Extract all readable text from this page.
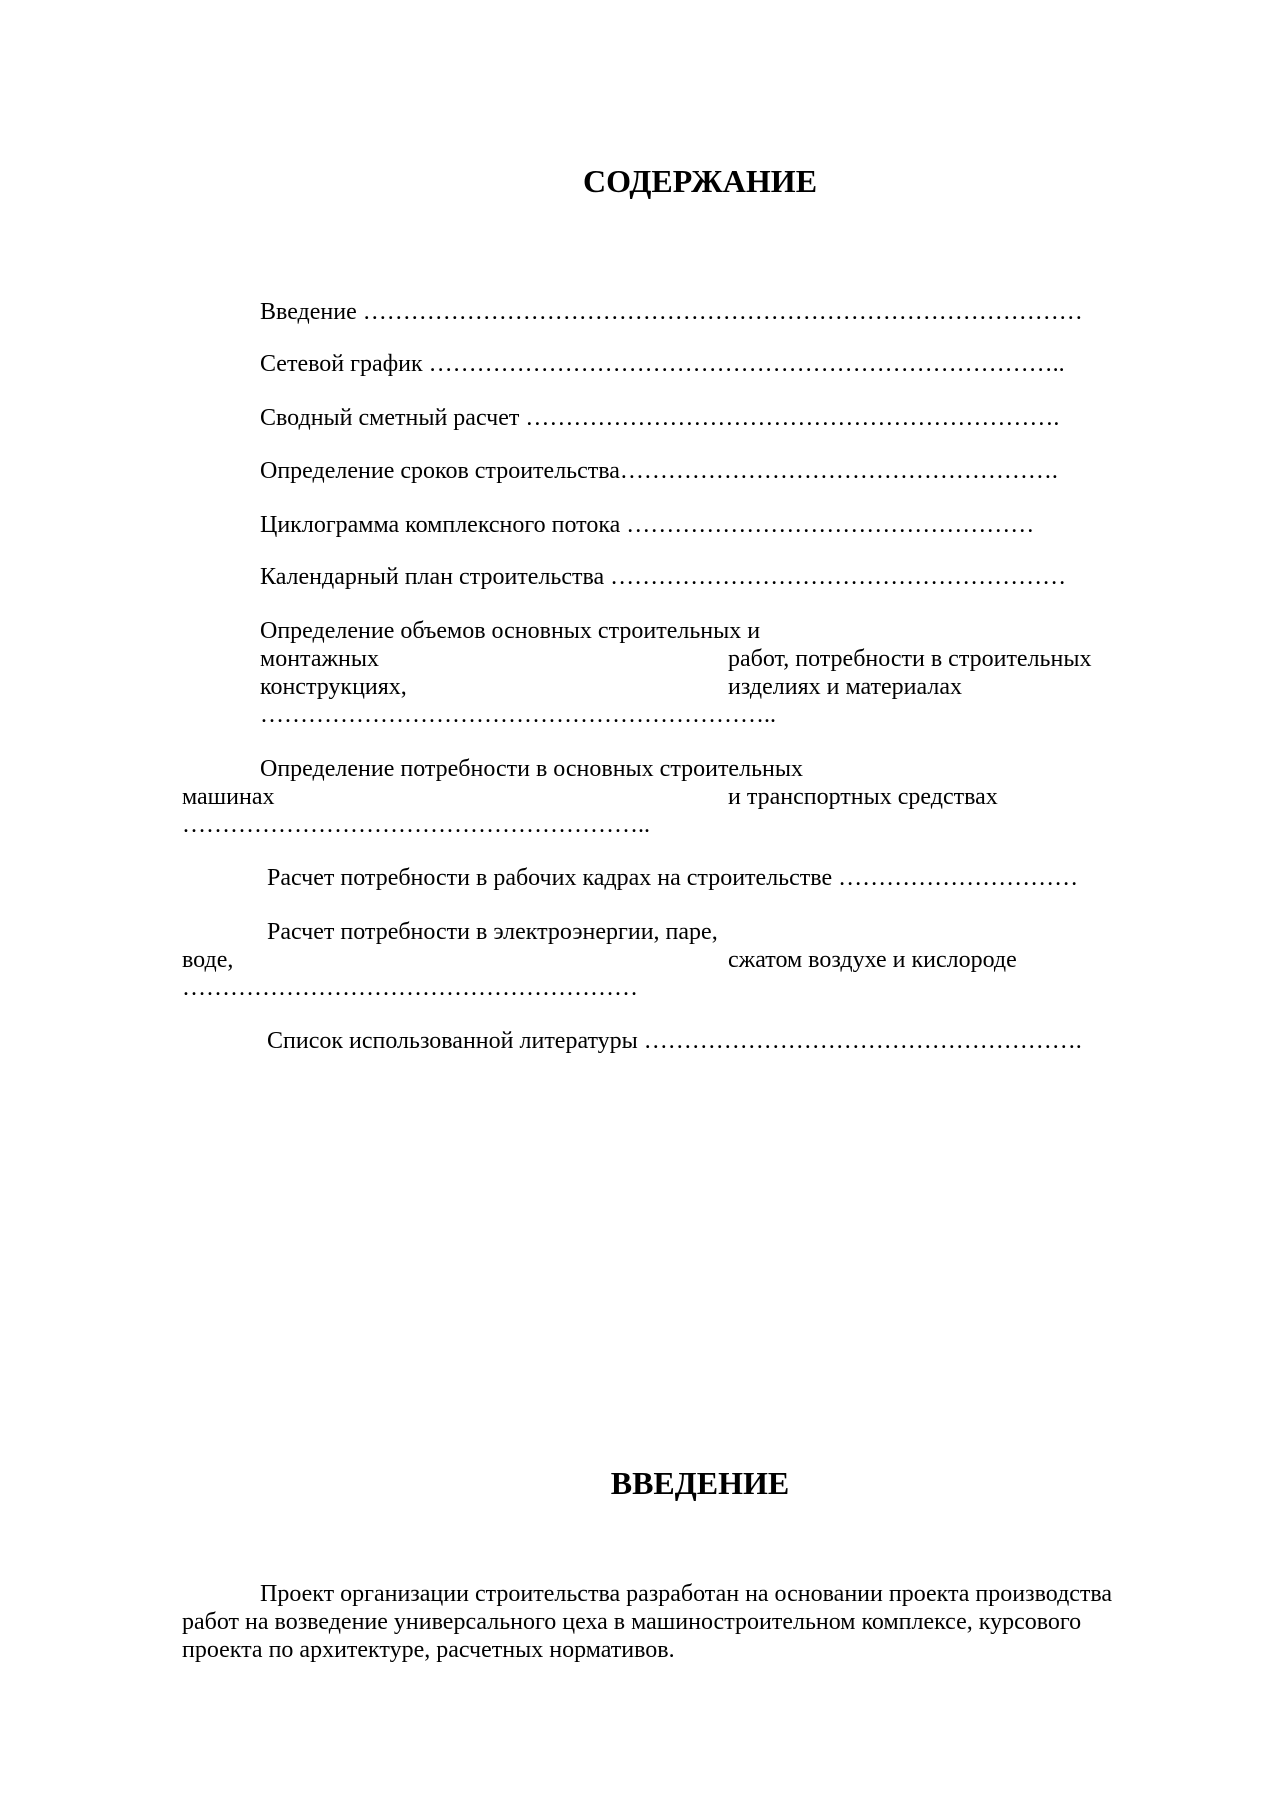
СОДЕРЖАНИЕ
Введение ………………………………………………………………………………
Сетевой график ……………………………………………………………………..
Сводный сметный расчет ………………………………………………………….
Определение сроков строительства……………………………………………….
Циклограмма комплексного потока ……………………………………………
Календарный план строительства …………………………………………………
Определение объемов основных строительных и
монтажных	работ, потребности в строительных
конструкциях,	изделиях и материалах
………………………………………………………..
Определение потребности в основных строительных
машинах	и транспортных средствах
…………………………………………………..
Расчет потребности в рабочих кадрах на строительстве …………………………
Расчет потребности в электроэнергии, паре,
воде,	сжатом воздухе и кислороде
…………………………………………………
Список использованной литературы ……………………………………………….
ВВЕДЕНИЕ
Проект организации строительства разработан на основании проекта производства
работ на возведение универсального цеха в машиностроительном комплексе, курсового
проекта по архитектуре, расчетных нормативов.
